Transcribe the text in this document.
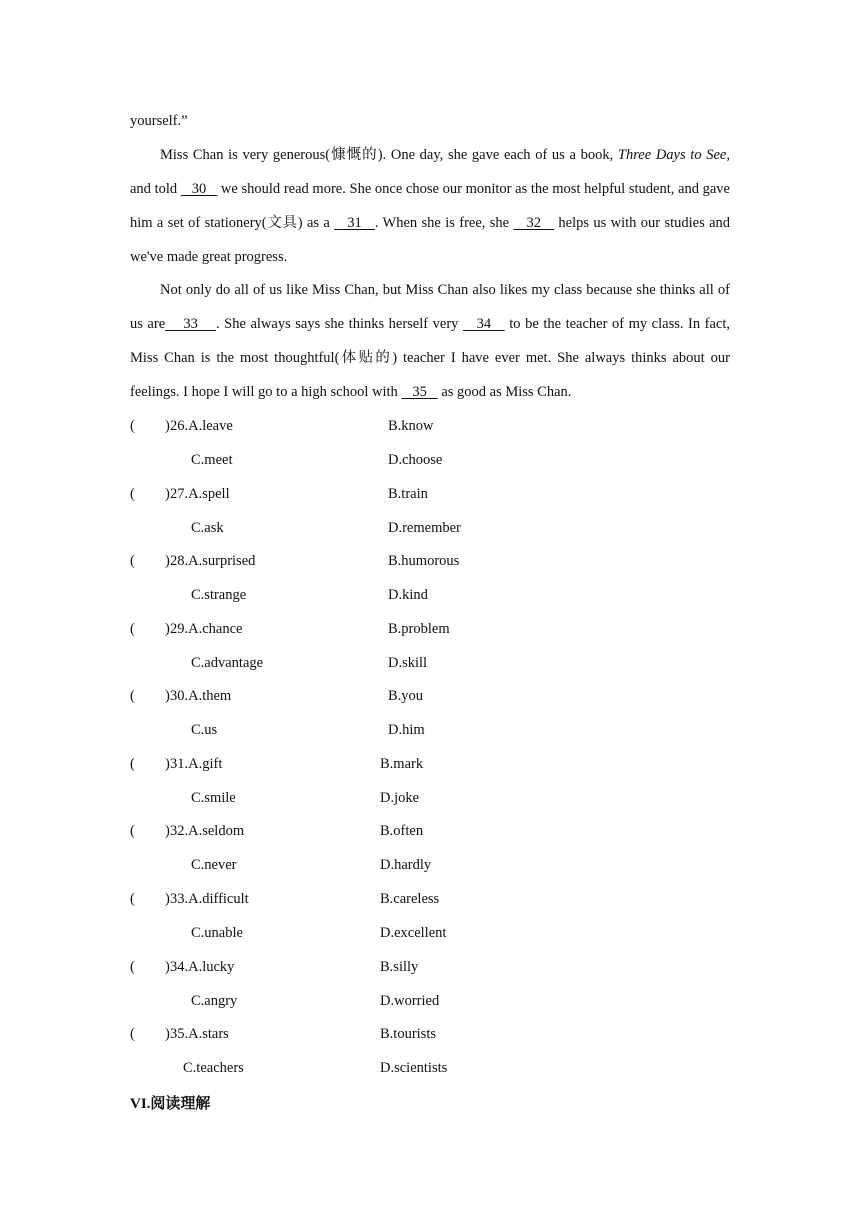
yourself.”

Miss Chan is very generous(慷慨的). One day, she gave each of us a book, Three Days to See, and told    30    we should read more. She once chose our monitor as the most helpful student, and gave him a set of stationery(文具) as a    31   . When she is free, she    32    helps us with our studies and we've made great progress.

Not only do all of us like Miss Chan, but Miss Chan also likes my class because she thinks all of us are    33    . She always says she thinks herself very    34    to be the teacher of my class. In fact, Miss Chan is the most thoughtful(体贴的) teacher I have ever met. She always thinks about our feelings. I hope I will go to a high school with    35    as good as Miss Chan.

( ) 26.A.leave	B.know
C.meet	D.choose
( ) 27.A.spell	B.train
C.ask	D.remember
( ) 28.A.surprised	B.humorous
C.strange	D.kind
( ) 29.A.chance	B.problem
C.advantage	D.skill
( ) 30.A.them	B.you
C.us	D.him
( ) 31.A.gift	B.mark
C.smile	D.joke
( ) 32.A.seldom	B.often
C.never	D.hardly
( ) 33.A.difficult	B.careless
C.unable	D.excellent
( ) 34.A.lucky	B.silly
C.angry	D.worried
( ) 35.A.stars	B.tourists
C.teachers	D.scientists
VI.阅读理解
